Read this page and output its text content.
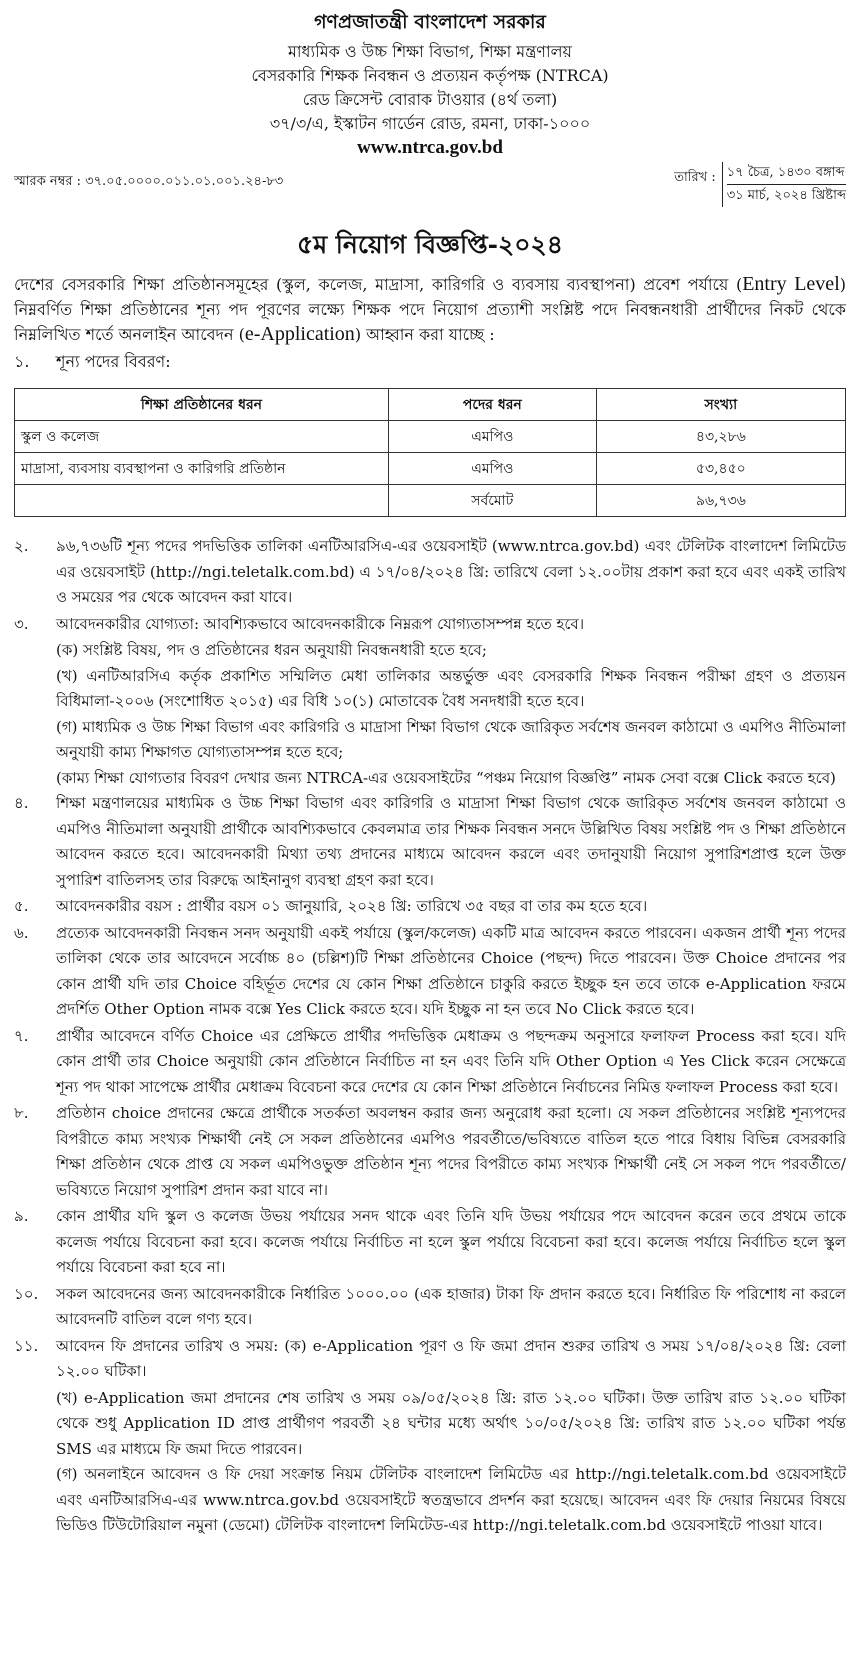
গণপ্রজাতন্ত্রী বাংলাদেশ সরকার
মাধ্যমিক ও উচ্চ শিক্ষা বিভাগ, শিক্ষা মন্ত্রণালয়
বেসরকারি শিক্ষক নিবন্ধন ও প্রত্যয়ন কর্তৃপক্ষ (NTRCA)
রেড ক্রিসেন্ট বোরাক টাওয়ার (৪র্থ তলা)
৩৭/৩/এ, ইস্কাটন গার্ডেন রোড, রমনা, ঢাকা-১০০০
www.ntrca.gov.bd
স্মারক নম্বর : ৩৭.০৫.০০০০.০১১.০১.০০১.২৪-৮৩	তারিখ : ১৭ চৈত্র, ১৪৩০ বঙ্গাব্দ
৩১ মার্চ, ২০২৪ খ্রিষ্টাব্দ
৫ম নিয়োগ বিজ্ঞপ্তি-২০২৪
দেশের বেসরকারি শিক্ষা প্রতিষ্ঠানসমূহের (স্কুল, কলেজ, মাদ্রাসা, কারিগরি ও ব্যবসায় ব্যবস্থাপনা) প্রবেশ পর্যায়ে (Entry Level) নিম্নবর্ণিত শিক্ষা প্রতিষ্ঠানের শূন্য পদ পূরণের লক্ষ্যে শিক্ষক পদে নিয়োগ প্রত্যাশী সংশ্লিষ্ট পদে নিবন্ধনধারী প্রার্থীদের নিকট থেকে নিম্নলিখিত শর্তে অনলাইন আবেদন (e-Application) আহ্বান করা যাচ্ছে :
১.	শূন্য পদের বিবরণ:
শিক্ষা প্রতিষ্ঠানের ধরন	পদের ধরন	সংখ্যা
স্কুল ও কলেজ	এমপিও	৪৩,২৮৬
মাদ্রাসা, ব্যবসায় ব্যবস্থাপনা ও কারিগরি প্রতিষ্ঠান	এমপিও	৫৩,৪৫০
	সর্বমোট	৯৬,৭৩৬
২.	৯৬,৭৩৬টি শূন্য পদের পদভিত্তিক তালিকা এনটিআরসিএ-এর ওয়েবসাইট (www.ntrca.gov.bd) এবং টেলিটক বাংলাদেশ লিমিটেড এর ওয়েবসাইট (http://ngi.teletalk.com.bd) এ ১৭/০৪/২০২৪ খ্রি: তারিখে বেলা ১২.০০টায় প্রকাশ করা হবে এবং একই তারিখ ও সময়ের পর থেকে আবেদন করা যাবে।
৩.	আবেদনকারীর যোগ্যতা: আবশ্যিকভাবে আবেদনকারীকে নিম্নরূপ যোগ্যতাসম্পন্ন হতে হবে।
(ক) সংশ্লিষ্ট বিষয়, পদ ও প্রতিষ্ঠানের ধরন অনুযায়ী নিবন্ধনধারী হতে হবে;
(খ) এনটিআরসিএ কর্তৃক প্রকাশিত সম্মিলিত মেধা তালিকার অন্তর্ভুক্ত এবং বেসরকারি শিক্ষক নিবন্ধন পরীক্ষা গ্রহণ ও প্রত্যয়ন বিধিমালা-২০০৬ (সংশোধিত ২০১৫) এর বিধি ১০(১) মোতাবেক বৈধ সনদধারী হতে হবে।
(গ) মাধ্যমিক ও উচ্চ শিক্ষা বিভাগ এবং কারিগরি ও মাদ্রাসা শিক্ষা বিভাগ থেকে জারিকৃত সর্বশেষ জনবল কাঠামো ও এমপিও নীতিমালা অনুযায়ী কাম্য শিক্ষাগত যোগ্যতাসম্পন্ন হতে হবে;
(কাম্য শিক্ষা যোগ্যতার বিবরণ দেখার জন্য NTRCA-এর ওয়েবসাইটের “পঞ্চম নিয়োগ বিজ্ঞপ্তি” নামক সেবা বক্সে Click করতে হবে)
৪.	শিক্ষা মন্ত্রণালয়ের মাধ্যমিক ও উচ্চ শিক্ষা বিভাগ এবং কারিগরি ও মাদ্রাসা শিক্ষা বিভাগ থেকে জারিকৃত সর্বশেষ জনবল কাঠামো ও এমপিও নীতিমালা অনুযায়ী প্রার্থীকে আবশ্যিকভাবে কেবলমাত্র তার শিক্ষক নিবন্ধন সনদে উল্লিখিত বিষয় সংশ্লিষ্ট পদ ও শিক্ষা প্রতিষ্ঠানে আবেদন করতে হবে। আবেদনকারী মিথ্যা তথ্য প্রদানের মাধ্যমে আবেদন করলে এবং তদানুযায়ী নিয়োগ সুপারিশপ্রাপ্ত হলে উক্ত সুপারিশ বাতিলসহ তার বিরুদ্ধে আইনানুগ ব্যবস্থা গ্রহণ করা হবে।
৫.	আবেদনকারীর বয়স : প্রার্থীর বয়স ০১ জানুয়ারি, ২০২৪ খ্রি: তারিখে ৩৫ বছর বা তার কম হতে হবে।
৬.	প্রত্যেক আবেদনকারী নিবন্ধন সনদ অনুযায়ী একই পর্যায়ে (স্কুল/কলেজ) একটি মাত্র আবেদন করতে পারবেন। একজন প্রার্থী শূন্য পদের তালিকা থেকে তার আবেদনে সর্বোচ্চ ৪০ (চল্লিশ)টি শিক্ষা প্রতিষ্ঠানের Choice (পছন্দ) দিতে পারবেন। উক্ত Choice প্রদানের পর কোন প্রার্থী যদি তার Choice বহির্ভূত দেশের যে কোন শিক্ষা প্রতিষ্ঠানে চাকুরি করতে ইচ্ছুক হন তবে তাকে e-Application ফরমে প্রদর্শিত Other Option নামক বক্সে Yes Click করতে হবে। যদি ইচ্ছুক না হন তবে No Click করতে হবে।
৭.	প্রার্থীর আবেদনে বর্ণিত Choice এর প্রেক্ষিতে প্রার্থীর পদভিত্তিক মেধাক্রম ও পছন্দক্রম অনুসারে ফলাফল Process করা হবে। যদি কোন প্রার্থী তার Choice অনুযায়ী কোন প্রতিষ্ঠানে নির্বাচিত না হন এবং তিনি যদি Other Option এ Yes Click করেন সেক্ষেত্রে শূন্য পদ থাকা সাপেক্ষে প্রার্থীর মেধাক্রম বিবেচনা করে দেশের যে কোন শিক্ষা প্রতিষ্ঠানে নির্বাচনের নিমিত্ত ফলাফল Process করা হবে।
৮.	প্রতিষ্ঠান choice প্রদানের ক্ষেত্রে প্রার্থীকে সতর্কতা অবলম্বন করার জন্য অনুরোধ করা হলো। যে সকল প্রতিষ্ঠানের সংশ্লিষ্ট শূন্যপদের বিপরীতে কাম্য সংখ্যক শিক্ষার্থী নেই সে সকল প্রতিষ্ঠানের এমপিও পরবর্তীতে/ভবিষ্যতে বাতিল হতে পারে বিধায় বিভিন্ন বেসরকারি শিক্ষা প্রতিষ্ঠান থেকে প্রাপ্ত যে সকল এমপিওভুক্ত প্রতিষ্ঠান শূন্য পদের বিপরীতে কাম্য সংখ্যক শিক্ষার্থী নেই সে সকল পদে পরবর্তীতে/ভবিষ্যতে নিয়োগ সুপারিশ প্রদান করা যাবে না।
৯.	কোন প্রার্থীর যদি স্কুল ও কলেজ উভয় পর্যায়ের সনদ থাকে এবং তিনি যদি উভয় পর্যায়ের পদে আবেদন করেন তবে প্রথমে তাকে কলেজ পর্যায়ে বিবেচনা করা হবে। কলেজ পর্যায়ে নির্বাচিত না হলে স্কুল পর্যায়ে বিবেচনা করা হবে। কলেজ পর্যায়ে নির্বাচিত হলে স্কুল পর্যায়ে বিবেচনা করা হবে না।
১০.	সকল আবেদনের জন্য আবেদনকারীকে নির্ধারিত ১০০০.০০ (এক হাজার) টাকা ফি প্রদান করতে হবে। নির্ধারিত ফি পরিশোধ না করলে আবেদনটি বাতিল বলে গণ্য হবে।
১১.	আবেদন ফি প্রদানের তারিখ ও সময়: (ক) e-Application পূরণ ও ফি জমা প্রদান শুরুর তারিখ ও সময় ১৭/০৪/২০২৪ খ্রি: বেলা ১২.০০ ঘটিকা।
(খ) e-Application জমা প্রদানের শেষ তারিখ ও সময় ০৯/০৫/২০২৪ খ্রি: রাত ১২.০০ ঘটিকা। উক্ত তারিখ রাত ১২.০০ ঘটিকা থেকে শুধু Application ID প্রাপ্ত প্রার্থীগণ পরবর্তী ২৪ ঘন্টার মধ্যে অর্থাৎ ১০/০৫/২০২৪ খ্রি: তারিখ রাত ১২.০০ ঘটিকা পর্যন্ত SMS এর মাধ্যমে ফি জমা দিতে পারবেন।
(গ) অনলাইনে আবেদন ও ফি দেয়া সংক্রান্ত নিয়ম টেলিটক বাংলাদেশ লিমিটেড এর http://ngi.teletalk.com.bd ওয়েবসাইটে এবং এনটিআরসিএ-এর www.ntrca.gov.bd ওয়েবসাইটে স্বতন্ত্রভাবে প্রদর্শন করা হয়েছে। আবেদন এবং ফি দেয়ার নিয়মের বিষয়ে ভিডিও টিউটোরিয়াল নমুনা (ডেমো) টেলিটক বাংলাদেশ লিমিটেড-এর http://ngi.teletalk.com.bd ওয়েবসাইটে পাওয়া যাবে।
